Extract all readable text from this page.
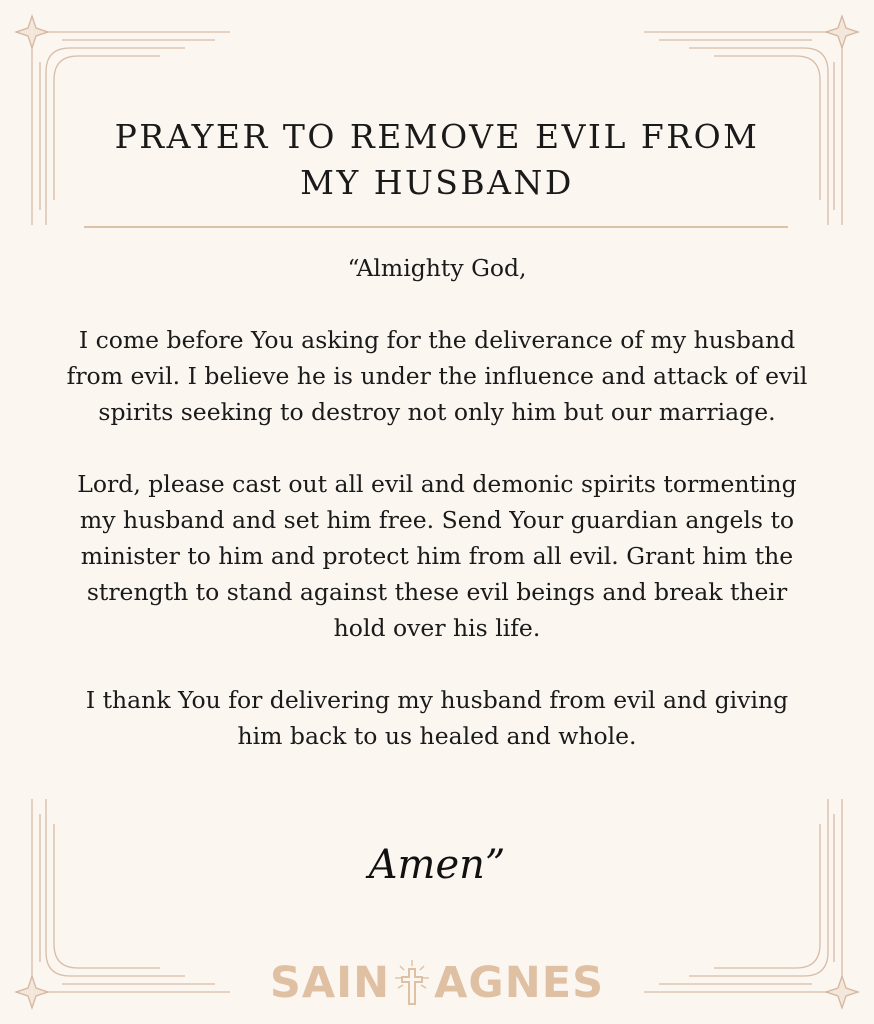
PRAYER TO REMOVE EVIL FROM MY HUSBAND

“Almighty God,

I come before You asking for the deliverance of my husband from evil. I believe he is under the influence and attack of evil spirits seeking to destroy not only him but our marriage.

Lord, please cast out all evil and demonic spirits tormenting my husband and set him free. Send Your guardian angels to minister to him and protect him from all evil. Grant him the strength to stand against these evil beings and break their hold over his life.

I thank You for delivering my husband from evil and giving him back to us healed and whole.

Amen”
SAIN AGNES
